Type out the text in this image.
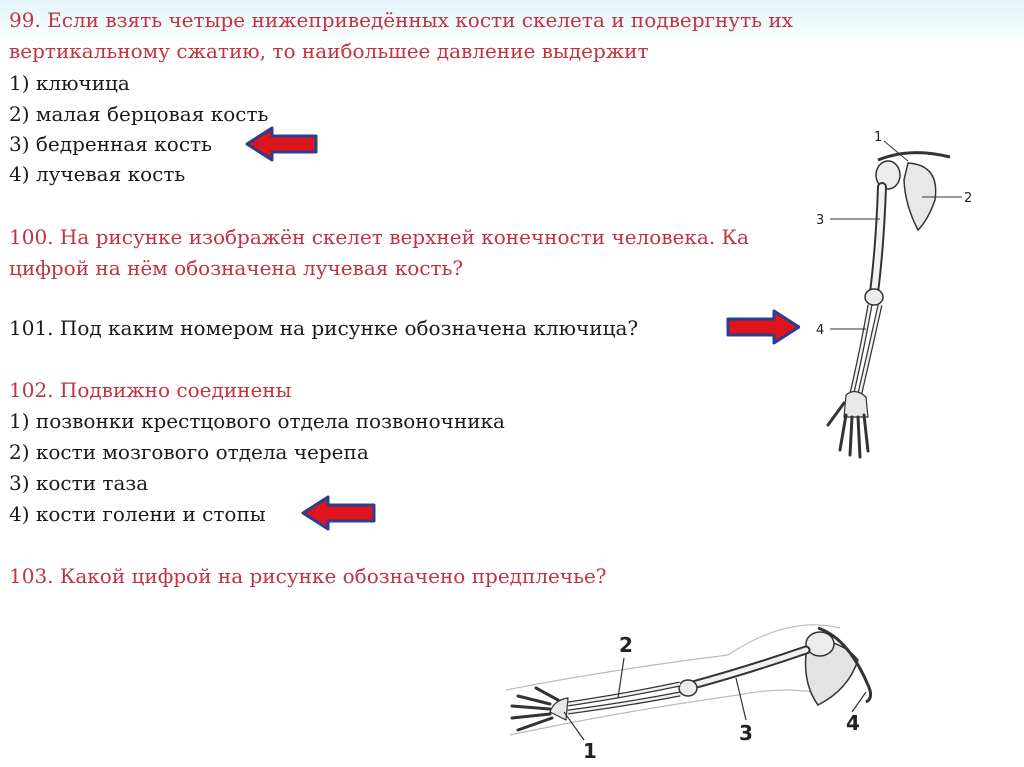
99. Если взять четыре нижеприведённых кости скелета и подвергнуть их
вертикальному сжатию, то наибольшее давление выдержит
1) ключица
2) малая берцовая кость
3) бедренная кость
4) лучевая кость
100. На рисунке изображён скелет верхней конечности человека. Ка
цифрой на нём обозначена лучевая кость?
101. Под каким номером на рисунке обозначена ключица?
102. Подвижно соединены
1) позвонки крестцового отдела позвоночника
2) кости мозгового отдела черепа
3) кости таза
4) кости голени и стопы
103. Какой цифрой на рисунке обозначено предплечье?
1
2
3
4
1
2
3	4
